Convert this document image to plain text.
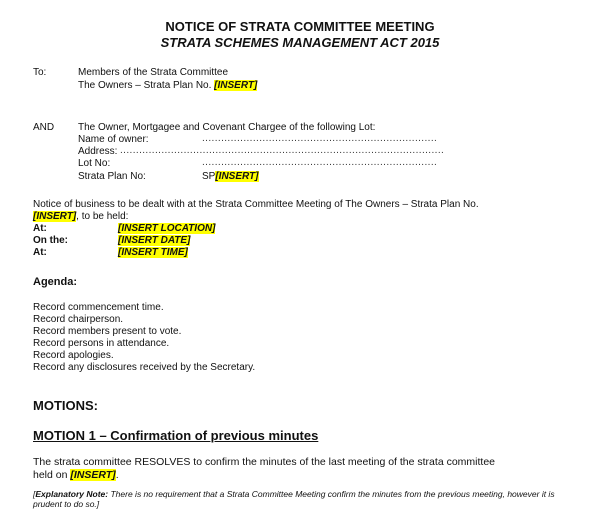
NOTICE OF STRATA COMMITTEE MEETING
STRATA SCHEMES MANAGEMENT ACT 2015
To:	Members of the Strata Committee
The Owners – Strata Plan No. [INSERT]
AND The Owner, Mortgagee and Covenant Chargee of the following Lot:
Name of owner:	..........................................................................
Address: ......................................................................................................
Lot No:	..........................................................................
Strata Plan No:	SP[INSERT]
Notice of business to be dealt with at the Strata Committee Meeting of The Owners – Strata Plan No.
[INSERT], to be held:
At:	[INSERT LOCATION]
On the:	[INSERT DATE]
At:	[INSERT TIME]
Agenda:
Record commencement time.
Record chairperson.
Record members present to vote.
Record persons in attendance.
Record apologies.
Record any disclosures received by the Secretary.
MOTIONS:
MOTION 1 – Confirmation of previous minutes
The strata committee RESOLVES to confirm the minutes of the last meeting of the strata committee
held on [INSERT].
[Explanatory Note: There is no requirement that a Strata Committee Meeting confirm the minutes from the previous meeting, however it is prudent to do so.]
